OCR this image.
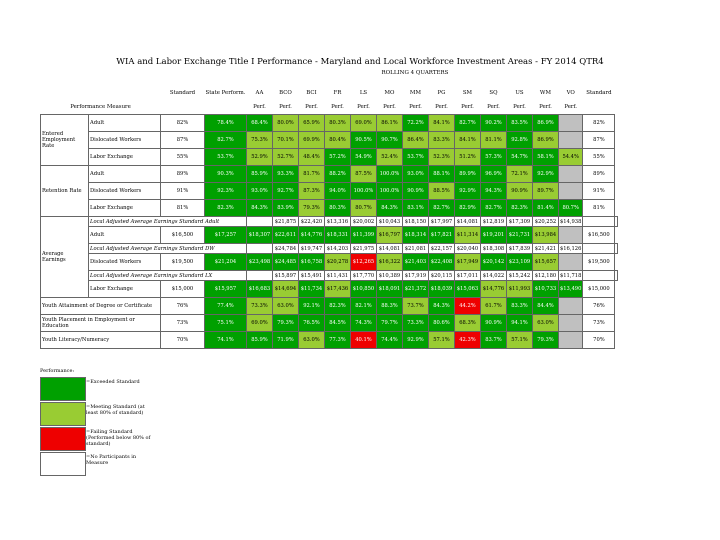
WIA and Labor Exchange Title I Performance - Maryland and Local Workforce Investment Areas - FY 2014 QTR4
ROLLING 4 QUARTERS
		Standard	State Perform.	AA	BCO	BCI	FR	LS	MO	MM	PG	SM	SQ	US	WM	VO	Standard	
Performance Measure				Perf.	Perf.	Perf.	Perf.	Perf.	Perf.	Perf.	Perf.	Perf.	Perf.	Perf.	Perf.	Perf.		
Entered Employment Rate	Adult	82%	78.4%	68.4%	80.0%	65.9%	80.3%	69.0%	86.1%	72.2%	84.1%	82.7%	90.2%	83.5%	86.9%		82%	
	Dislocated Workers	87%	82.7%	75.3%	70.1%	69.9%	80.4%	90.5%	90.7%	86.4%	83.3%	84.1%	81.1%	92.8%	86.9%		87%	
	Labor Exchange	55%	53.7%	52.9%	52.7%	48.4%	57.2%	54.9%	52.4%	53.7%	52.3%	51.2%	57.3%	54.7%	58.1%	54.4%	55%	
Retention Rate	Adult	89%	90.3%	85.9%	93.3%	81.7%	88.2%	87.5%	100.0%	93.0%	88.1%	89.9%	96.9%	72.1%	92.9%		89%	
	Dislocated Workers	91%	92.3%	93.0%	92.7%	87.3%	94.0%	100.0%	100.0%	90.9%	88.5%	92.9%	94.3%	90.9%	89.7%		91%	
	Labor Exchange	81%	82.3%	84.3%	83.9%	79.3%	80.3%	80.7%	84.3%	83.1%	82.7%	82.9%	82.7%	82.3%	81.4%	80.7%	81%	
Average Earnings	Local Adjusted Average Earnings Standard Adult				$21,875	$22,420	$13,316	$20,002	$10,043	$18,150	$17,997	$14,081	$12,819	$17,309	$20,252	$14,938		
	Adult	$16,500	$17,257	$18,307	$22,611	$14,776	$18,331	$11,399	$16,797	$18,314	$17,821	$11,314	$19,201	$21,731	$13,984		$16,500	
	Local Adjusted Average Earnings Standard DW				$24,784	$19,747	$14,203	$21,975	$14,081	$21,081	$22,157	$20,040	$18,308	$17,839	$21,421	$16,126		
	Dislocated Workers	$19,500	$21,204	$23,498	$24,485	$16,758	$20,278	$12,265	$16,322	$21,403	$22,408	$17,949	$20,142	$23,109	$15,657		$19,500	
	Local Adjusted Average Earnings Standard LX				$15,897	$15,491	$11,431	$17,770	$10,389	$17,919	$20,115	$17,011	$14,022	$15,242	$12,180	$11,718		
	Labor Exchange	$15,000	$15,957	$16,683	$14,694	$11,734	$17,436	$10,850	$18,091	$21,372	$18,039	$15,063	$14,776	$11,993	$10,733	$13,490	$15,000	
Youth Attainment of Degree or Certificate		76%	77.4%	73.3%	63.0%	92.1%	82.3%	82.1%	88.3%	73.7%	84.3%	44.2%	61.7%	83.3%	84.4%		76%	
Youth Placement in Employment or Education		73%	75.1%	69.0%	79.3%	76.5%	84.5%	74.3%	79.7%	73.3%	80.6%	68.3%	90.9%	94.1%	63.0%		73%	
Youth Literacy/Numeracy		70%	74.1%	85.9%	71.9%	63.0%	77.3%	40.1%	74.4%	92.9%	57.1%	42.3%	83.7%	57.1%	79.3%		70%	
Performance:
=Exceeded Standard
=Meeting Standard (at least 80% of standard)
=Failing Standard (Performed below 80% of standard)
=No Participants in Measure
